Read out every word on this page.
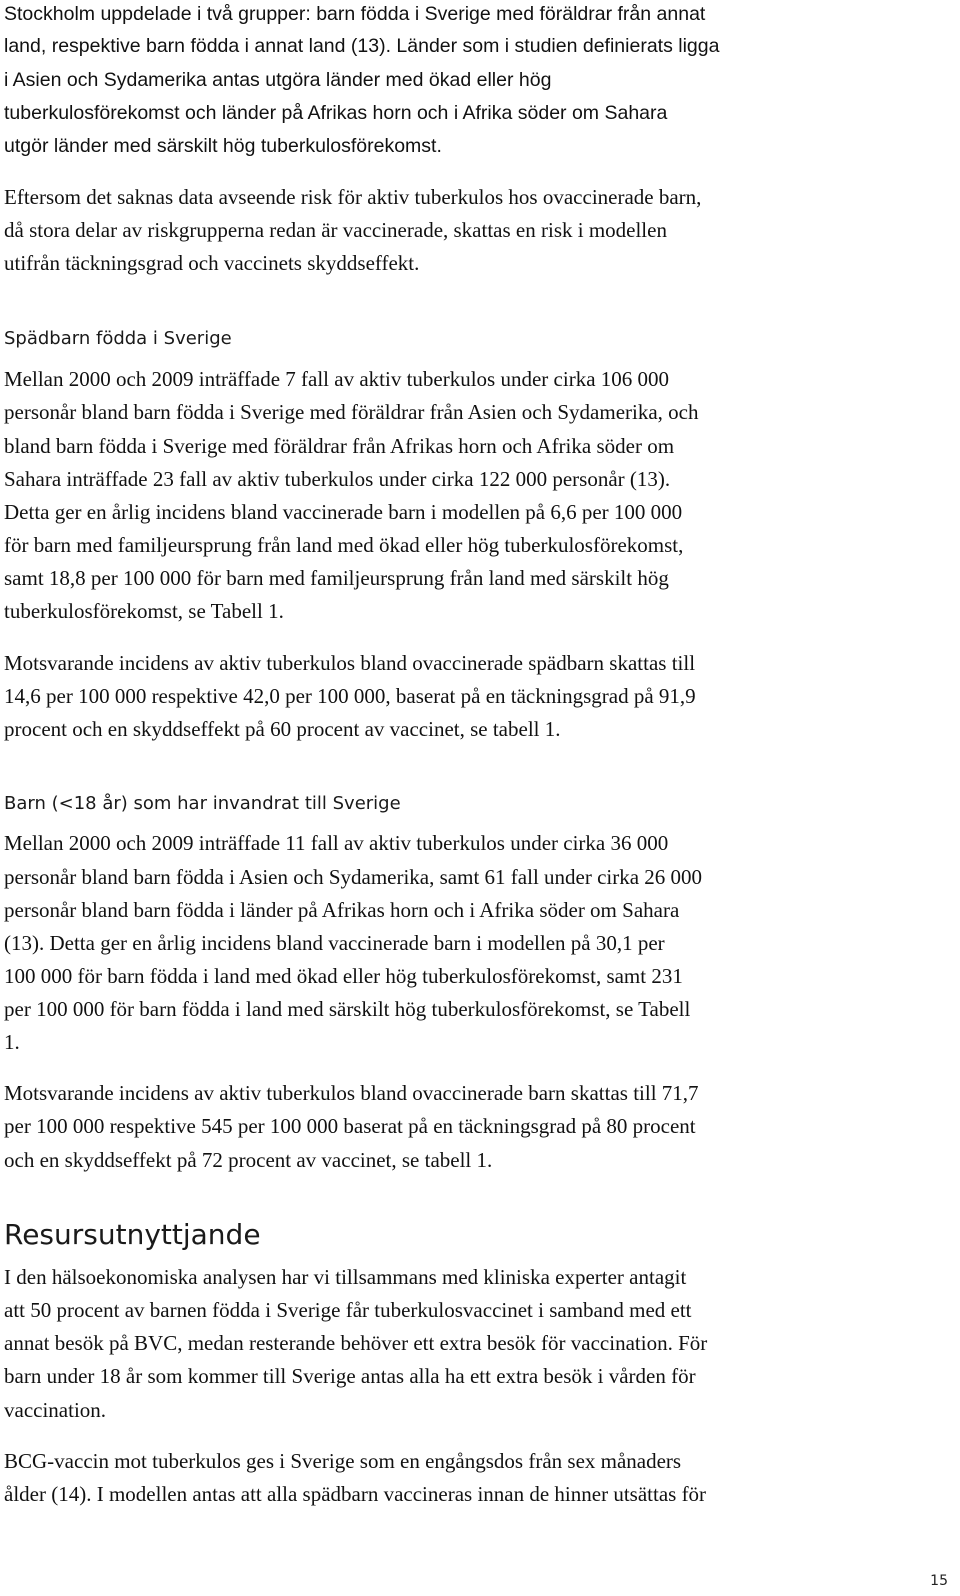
Stockholm uppdelade i två grupper: barn födda i Sverige med föräldrar från annat
land, respektive barn födda i annat land (13). Länder som i studien definierats ligga
i Asien och Sydamerika antas utgöra länder med ökad eller hög
tuberkulosförekomst och länder på Afrikas horn och i Afrika söder om Sahara
utgör länder med särskilt hög tuberkulosförekomst.
Eftersom det saknas data avseende risk för aktiv tuberkulos hos ovaccinerade barn,
då stora delar av riskgrupperna redan är vaccinerade, skattas en risk i modellen
utifrån täckningsgrad och vaccinets skyddseffekt.
Spädbarn födda i Sverige
Mellan 2000 och 2009 inträffade 7 fall av aktiv tuberkulos under cirka 106 000
personår bland barn födda i Sverige med föräldrar från Asien och Sydamerika, och
bland barn födda i Sverige med föräldrar från Afrikas horn och Afrika söder om
Sahara inträffade 23 fall av aktiv tuberkulos under cirka 122 000 personår (13).
Detta ger en årlig incidens bland vaccinerade barn i modellen på 6,6 per 100 000
för barn med familjeursprung från land med ökad eller hög tuberkulosförekomst,
samt 18,8 per 100 000 för barn med familjeursprung från land med särskilt hög
tuberkulosförekomst, se Tabell 1.
Motsvarande incidens av aktiv tuberkulos bland ovaccinerade spädbarn skattas till
14,6 per 100 000 respektive 42,0 per 100 000, baserat på en täckningsgrad på 91,9
procent och en skyddseffekt på 60 procent av vaccinet, se tabell 1.
Barn (<18 år) som har invandrat till Sverige
Mellan 2000 och 2009 inträffade 11 fall av aktiv tuberkulos under cirka 36 000
personår bland barn födda i Asien och Sydamerika, samt 61 fall under cirka 26 000
personår bland barn födda i länder på Afrikas horn och i Afrika söder om Sahara
(13). Detta ger en årlig incidens bland vaccinerade barn i modellen på 30,1 per
100 000 för barn födda i land med ökad eller hög tuberkulosförekomst, samt 231
per 100 000 för barn födda i land med särskilt hög tuberkulosförekomst, se Tabell
1.
Motsvarande incidens av aktiv tuberkulos bland ovaccinerade barn skattas till 71,7
per 100 000 respektive 545 per 100 000 baserat på en täckningsgrad på 80 procent
och en skyddseffekt på 72 procent av vaccinet, se tabell 1.
Resursutnyttjande
I den hälsoekonomiska analysen har vi tillsammans med kliniska experter antagit
att 50 procent av barnen födda i Sverige får tuberkulosvaccinet i samband med ett
annat besök på BVC, medan resterande behöver ett extra besök för vaccination. För
barn under 18 år som kommer till Sverige antas alla ha ett extra besök i vården för
vaccination.
BCG-vaccin mot tuberkulos ges i Sverige som en engångsdos från sex månaders
ålder (14). I modellen antas att alla spädbarn vaccineras innan de hinner utsättas för
15
